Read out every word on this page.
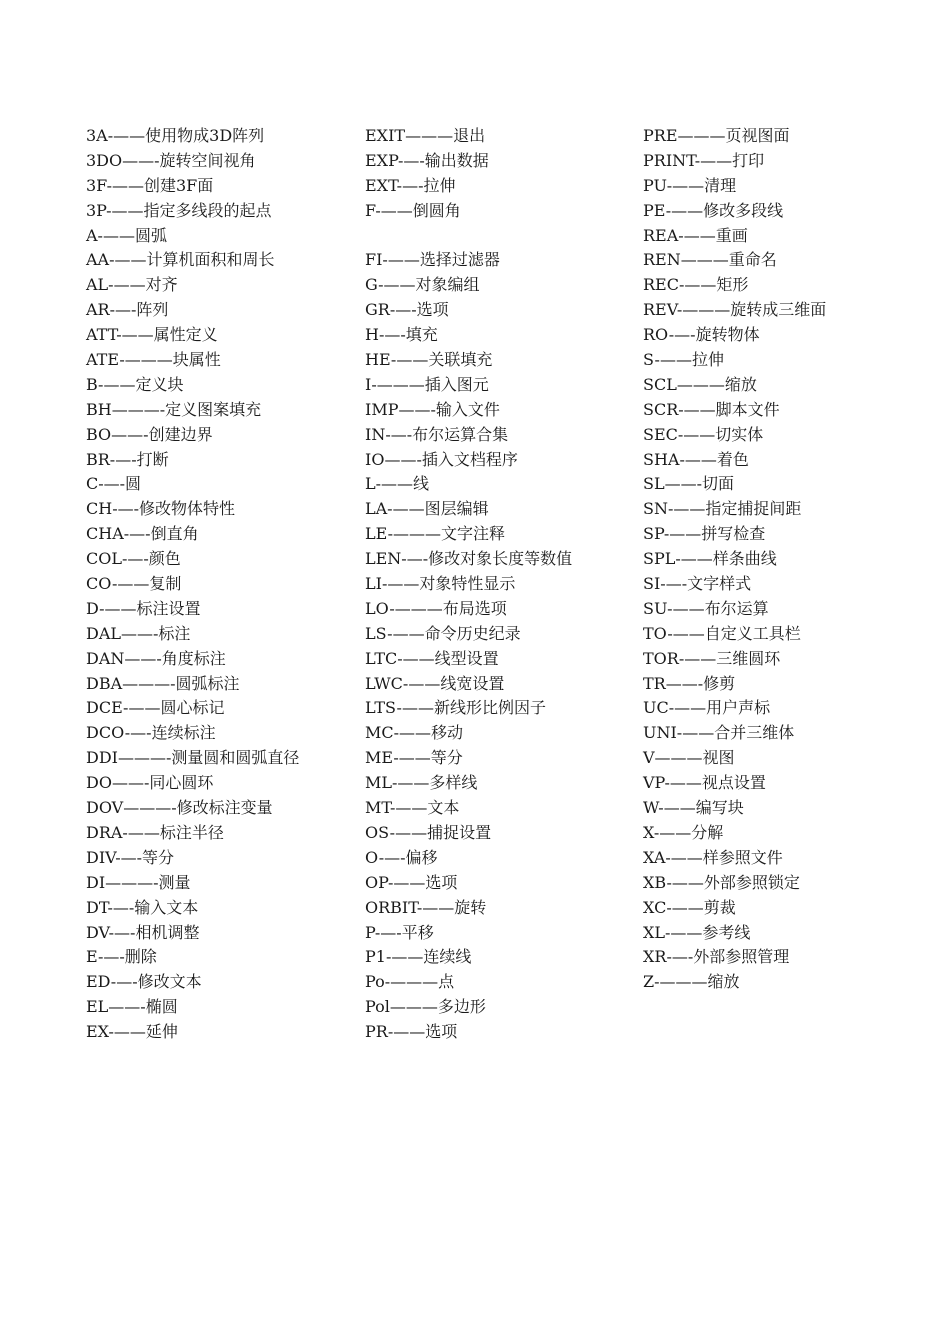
3A-——使用物成3D阵列
3DO——-旋转空间视角
3F-——创建3F面
3P-——指定多线段的起点
A-——圆弧
AA-——计算机面积和周长
AL-——对齐
AR-—-阵列
ATT-——属性定义
ATE-———块属性
B-——定义块
BH———-定义图案填充
BO——-创建边界
BR-—-打断
C-—-圆
CH-—-修改物体特性
CHA-—-倒直角
COL-—-颜色
CO-——复制
D-——标注设置
DAL——-标注
DAN——-角度标注
DBA———-圆弧标注
DCE-——圆心标记
DCO-—-连续标注
DDI———-测量圆和圆弧直径
DO——-同心圆环
DOV———-修改标注变量
DRA-——标注半径
DIV-—-等分
DI———-测量
DT-—-输入文本
DV-—-相机调整
E-—-删除
ED-—-修改文本
EL——-椭圆
EX-——延伸
EXIT———退出
EXP-—-输出数据
EXT-—-拉伸
F-——倒圆角
FI-——选择过滤器
G-——对象编组
GR-—-选项
H-—-填充
HE-——关联填充
I-———插入图元
IMP——-输入文件
IN-—-布尔运算合集
IO——-插入文档程序
L-——线
LA-——图层编辑
LE-———文字注释
LEN-—-修改对象长度等数值
LI-——对象特性显示
LO-———布局选项
LS-——命令历史纪录
LTC-——线型设置
LWC-——线宽设置
LTS-——新线形比例因子
MC-——移动
ME-——等分
ML-——多样线
MT-——文本
OS-——捕捉设置
O-—-偏移
OP-——选项
ORBIT-——旋转
P-—-平移
P1-——连续线
Po-———点
Pol———多边形
PR-——选项
PRE———页视图面
PRINT-——打印
PU-——清理
PE-——修改多段线
REA-——重画
REN———重命名
REC-——矩形
REV-———旋转成三维面
RO-—-旋转物体
S-——拉伸
SCL———缩放
SCR-——脚本文件
SEC-——切实体
SHA-——着色
SL——-切面
SN-——指定捕捉间距
SP-——拼写检查
SPL-——样条曲线
SI-—-文字样式
SU-——布尔运算
TO-——自定义工具栏
TOR-——三维圆环
TR——-修剪
UC-——用户声标
UNI-——合并三维体
V———视图
VP-——视点设置
W-——编写块
X-——分解
XA-——样参照文件
XB-——外部参照锁定
XC-——剪裁
XL-——参考线
XR-—-外部参照管理
Z-———缩放
